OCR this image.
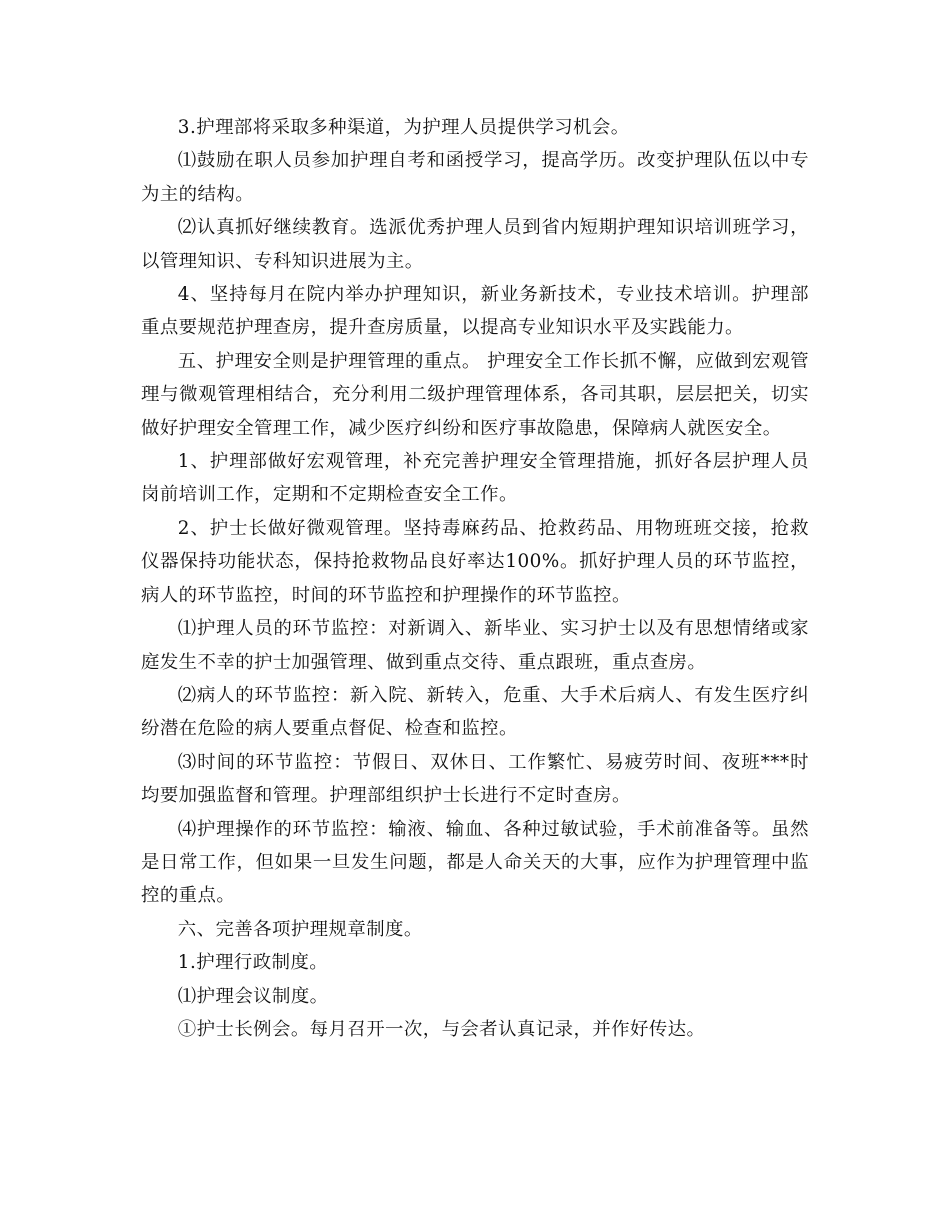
3.护理部将采取多种渠道，为护理人员提供学习机会。

⑴鼓励在职人员参加护理自考和函授学习，提高学历。改变护理队伍以中专为主的结构。

⑵认真抓好继续教育。选派优秀护理人员到省内短期护理知识培训班学习，以管理知识、专科知识进展为主。

4、坚持每月在院内举办护理知识，新业务新技术，专业技术培训。护理部重点要规范护理查房，提升查房质量，以提高专业知识水平及实践能力。

五、护理安全则是护理管理的重点。 护理安全工作长抓不懈，应做到宏观管理与微观管理相结合，充分利用二级护理管理体系，各司其职，层层把关，切实做好护理安全管理工作，减少医疗纠纷和医疗事故隐患，保障病人就医安全。

1、护理部做好宏观管理，补充完善护理安全管理措施，抓好各层护理人员岗前培训工作，定期和不定期检查安全工作。

2、护士长做好微观管理。坚持毒麻药品、抢救药品、用物班班交接，抢救仪器保持功能状态，保持抢救物品良好率达100%。抓好护理人员的环节监控，病人的环节监控，时间的环节监控和护理操作的环节监控。

⑴护理人员的环节监控：对新调入、新毕业、实习护士以及有思想情绪或家庭发生不幸的护士加强管理、做到重点交待、重点跟班，重点查房。

⑵病人的环节监控：新入院、新转入，危重、大手术后病人、有发生医疗纠纷潜在危险的病人要重点督促、检查和监控。

⑶时间的环节监控：节假日、双休日、工作繁忙、易疲劳时间、夜班***时均要加强监督和管理。护理部组织护士长进行不定时查房。

⑷护理操作的环节监控：输液、输血、各种过敏试验，手术前准备等。虽然是日常工作，但如果一旦发生问题，都是人命关天的大事，应作为护理管理中监控的重点。

六、完善各项护理规章制度。

1.护理行政制度。

⑴护理会议制度。

①护士长例会。每月召开一次，与会者认真记录，并作好传达。
